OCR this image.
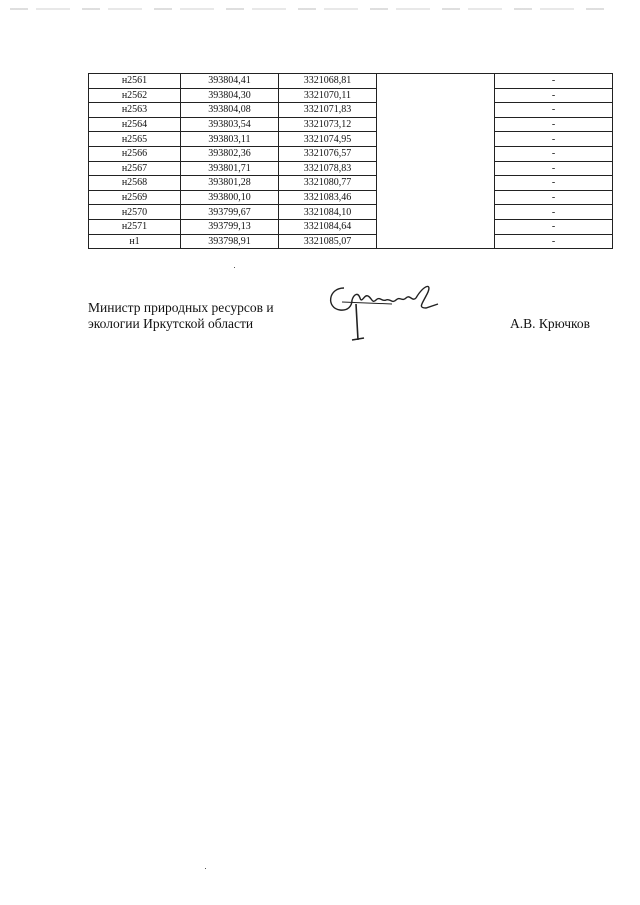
н2561	393804,41	3321068,81		-
н2562	393804,30	3321070,11		-
н2563	393804,08	3321071,83		-
н2564	393803,54	3321073,12		-
н2565	393803,11	3321074,95		-
н2566	393802,36	3321076,57		-
н2567	393801,71	3321078,83		-
н2568	393801,28	3321080,77		-
н2569	393800,10	3321083,46		-
н2570	393799,67	3321084,10		-
н2571	393799,13	3321084,64		-
н1	393798,91	3321085,07		-
Министр природных ресурсов и
экологии Иркутской области	А.В. Крючков
